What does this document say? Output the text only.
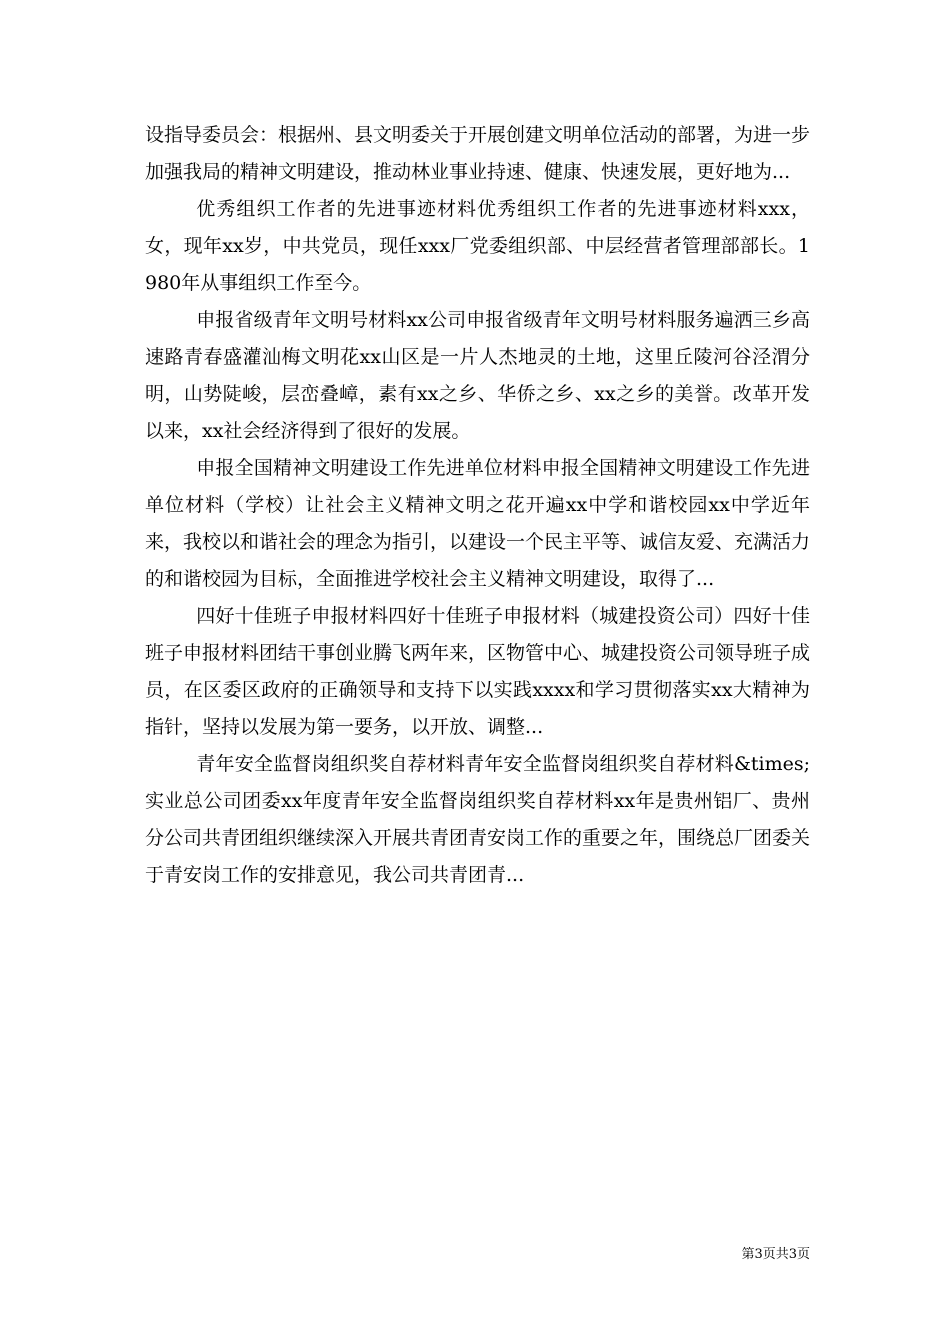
设指导委员会：根据州、县文明委关于开展创建文明单位活动的部署，为进一步加强我局的精神文明建设，推动林业事业持速、健康、快速发展，更好地为...

优秀组织工作者的先进事迹材料优秀组织工作者的先进事迹材料xxx，女，现年xx岁，中共党员，现任xxx厂党委组织部、中层经营者管理部部长。1980年从事组织工作至今。

申报省级青年文明号材料xx公司申报省级青年文明号材料服务遍洒三乡高速路青春盛灌汕梅文明花xx山区是一片人杰地灵的土地，这里丘陵河谷泾渭分明，山势陡峻，层峦叠嶂，素有xx之乡、华侨之乡、xx之乡的美誉。改革开发以来，xx社会经济得到了很好的发展。

申报全国精神文明建设工作先进单位材料申报全国精神文明建设工作先进单位材料（学校）让社会主义精神文明之花开遍xx中学和谐校园xx中学近年来，我校以和谐社会的理念为指引，以建设一个民主平等、诚信友爱、充满活力的和谐校园为目标，全面推进学校社会主义精神文明建设，取得了...

四好十佳班子申报材料四好十佳班子申报材料（城建投资公司）四好十佳班子申报材料团结干事创业腾飞两年来，区物管中心、城建投资公司领导班子成员，在区委区政府的正确领导和支持下以实践xxxx和学习贯彻落实xx大精神为指针，坚持以发展为第一要务，以开放、调整...

青年安全监督岗组织奖自荐材料青年安全监督岗组织奖自荐材料&times;实业总公司团委xx年度青年安全监督岗组织奖自荐材料xx年是贵州铝厂、贵州分公司共青团组织继续深入开展共青团青安岗工作的重要之年，围绕总厂团委关于青安岗工作的安排意见，我公司共青团青...

第3页共3页
